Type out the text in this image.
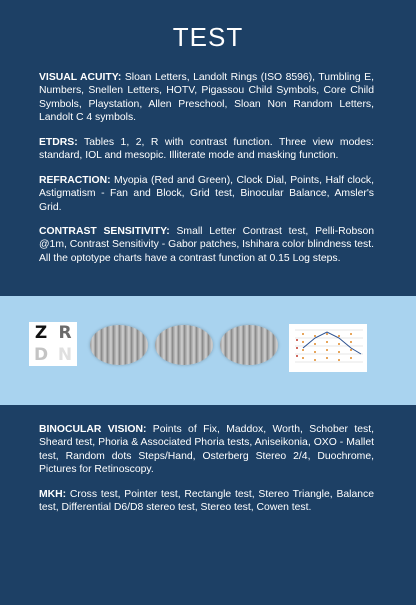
TEST
VISUAL ACUITY: Sloan Letters, Landolt Rings (ISO 8596), Tumbling E, Numbers, Snellen Letters, HOTV, Pigassou Child Symbols, Core Child Symbols, Playstation, Allen Preschool, Sloan Non Random Letters, Landolt C 4 symbols.
ETDRS: Tables 1, 2, R with contrast function. Three view modes: standard, IOL and mesopic. Illiterate mode and masking function.
REFRACTION: Myopia (Red and Green), Clock Dial, Points, Half clock, Astigmatism - Fan and Block, Grid test, Binocular Balance, Amsler's Grid.
CONTRAST SENSITIVITY: Small Letter Contrast test, Pelli-Robson @1m, Contrast Sensitivity - Gabor patches, Ishihara color blindness test. All the optotype charts have a contrast function at 0.15 Log steps.
Z R
D N
BINOCULAR VISION: Points of Fix, Maddox, Worth, Schober test, Sheard test, Phoria & Associated Phoria tests, Aniseikonia, OXO - Mallet test, Random dots Steps/Hand, Osterberg Stereo 2/4, Duochrome, Pictures for Retinoscopy.
MKH: Cross test, Pointer test, Rectangle test, Stereo Triangle, Balance test, Differential D6/D8 stereo test, Stereo test, Cowen test.
